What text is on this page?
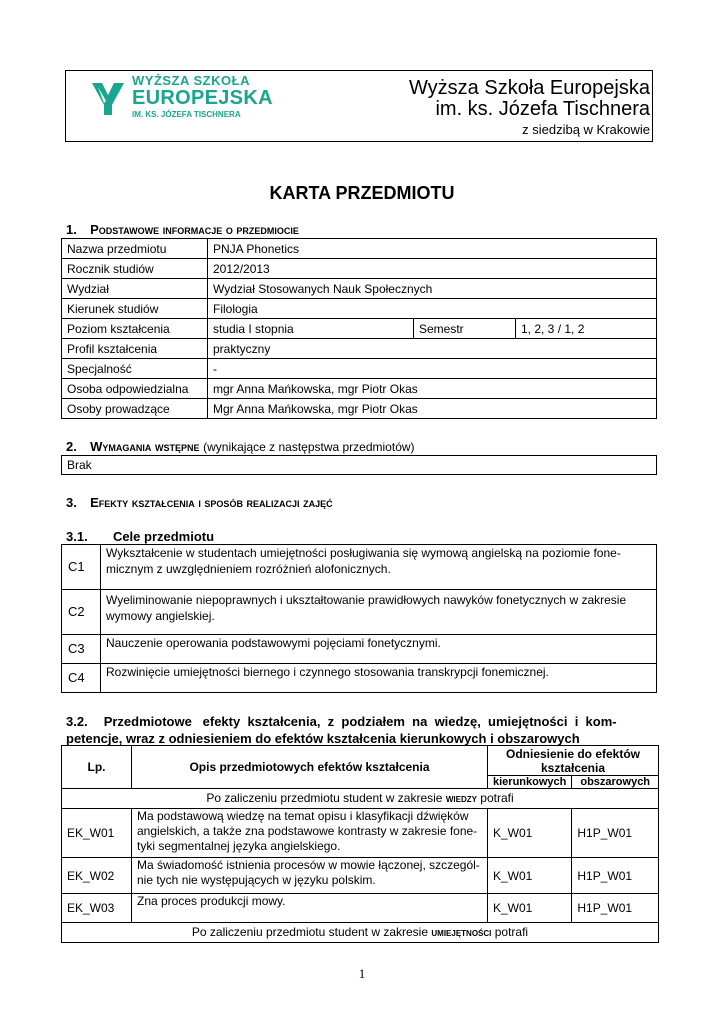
WYŻSZA SZKOŁA
EUROPEJSKA
IM. KS. JÓZEFA TISCHNERA
Wyższa Szkoła Europejska
im. ks. Józefa Tischnera
z siedzibą w Krakowie
KARTA PRZEDMIOTU
1. Podstawowe informacje o przedmiocie
Nazwa przedmiotu	PNJA Phonetics		
Rocznik studiów	2012/2013		
Wydział	Wydział Stosowanych Nauk Społecznych		
Kierunek studiów	Filologia		
Poziom kształcenia	studia I stopnia	Semestr	1, 2, 3 / 1, 2
Profil kształcenia	praktyczny		
Specjalność	-		
Osoba odpowiedzialna	mgr Anna Mańkowska, mgr Piotr Okas		
Osoby prowadzące	Mgr Anna Mańkowska, mgr Piotr Okas		
2. Wymagania wstępne (wynikające z następstwa przedmiotów)
Brak
3. Efekty kształcenia i sposób realizacji zajęć
3.1. Cele przedmiotu
C1	Wykształcenie w studentach umiejętności posługiwania się wymową angielską na poziomie fone-
micznym z uwzględnieniem rozróżnień alofonicznych.

C2	Wyeliminowanie niepoprawnych i ukształtowanie prawidłowych nawyków fonetycznych w zakresie
wymowy angielskiej.

C3	Nauczenie operowania podstawowymi pojęciami fonetycznymi.
C4	Rozwinięcie umiejętności biernego i czynnego stosowania transkrypcji fonemicznej.
3.2. Przedmiotowe   efekty  kształcenia,  z  podziałem  na  wiedzę,  umiejętności  i  kom-
petencje, wraz z odniesieniem do efektów kształcenia kierunkowych i obszarowych
Lp.	Opis przedmiotowych efektów kształcenia	Odniesienie do efektów kształcenia	
		kierunkowych	obszarowych
Po zaliczeniu przedmiotu student w zakresie wiedzy potrafi			
EK_W01	Ma podstawową wiedzę na temat opisu i klasyfikacji dźwięków
angielskich, a także zna podstawowe kontrasty w zakresie fone-
tyki segmentalnej języka angielskiego.	K_W01	H1P_W01
EK_W02	Ma świadomość istnienia procesów w mowie łączonej, szczegól-
nie tych nie występujących w języku polskim.	K_W01	H1P_W01
EK_W03	Zna proces produkcji mowy.	K_W01	H1P_W01
Po zaliczeniu przedmiotu student w zakresie umiejętności potrafi			
1
